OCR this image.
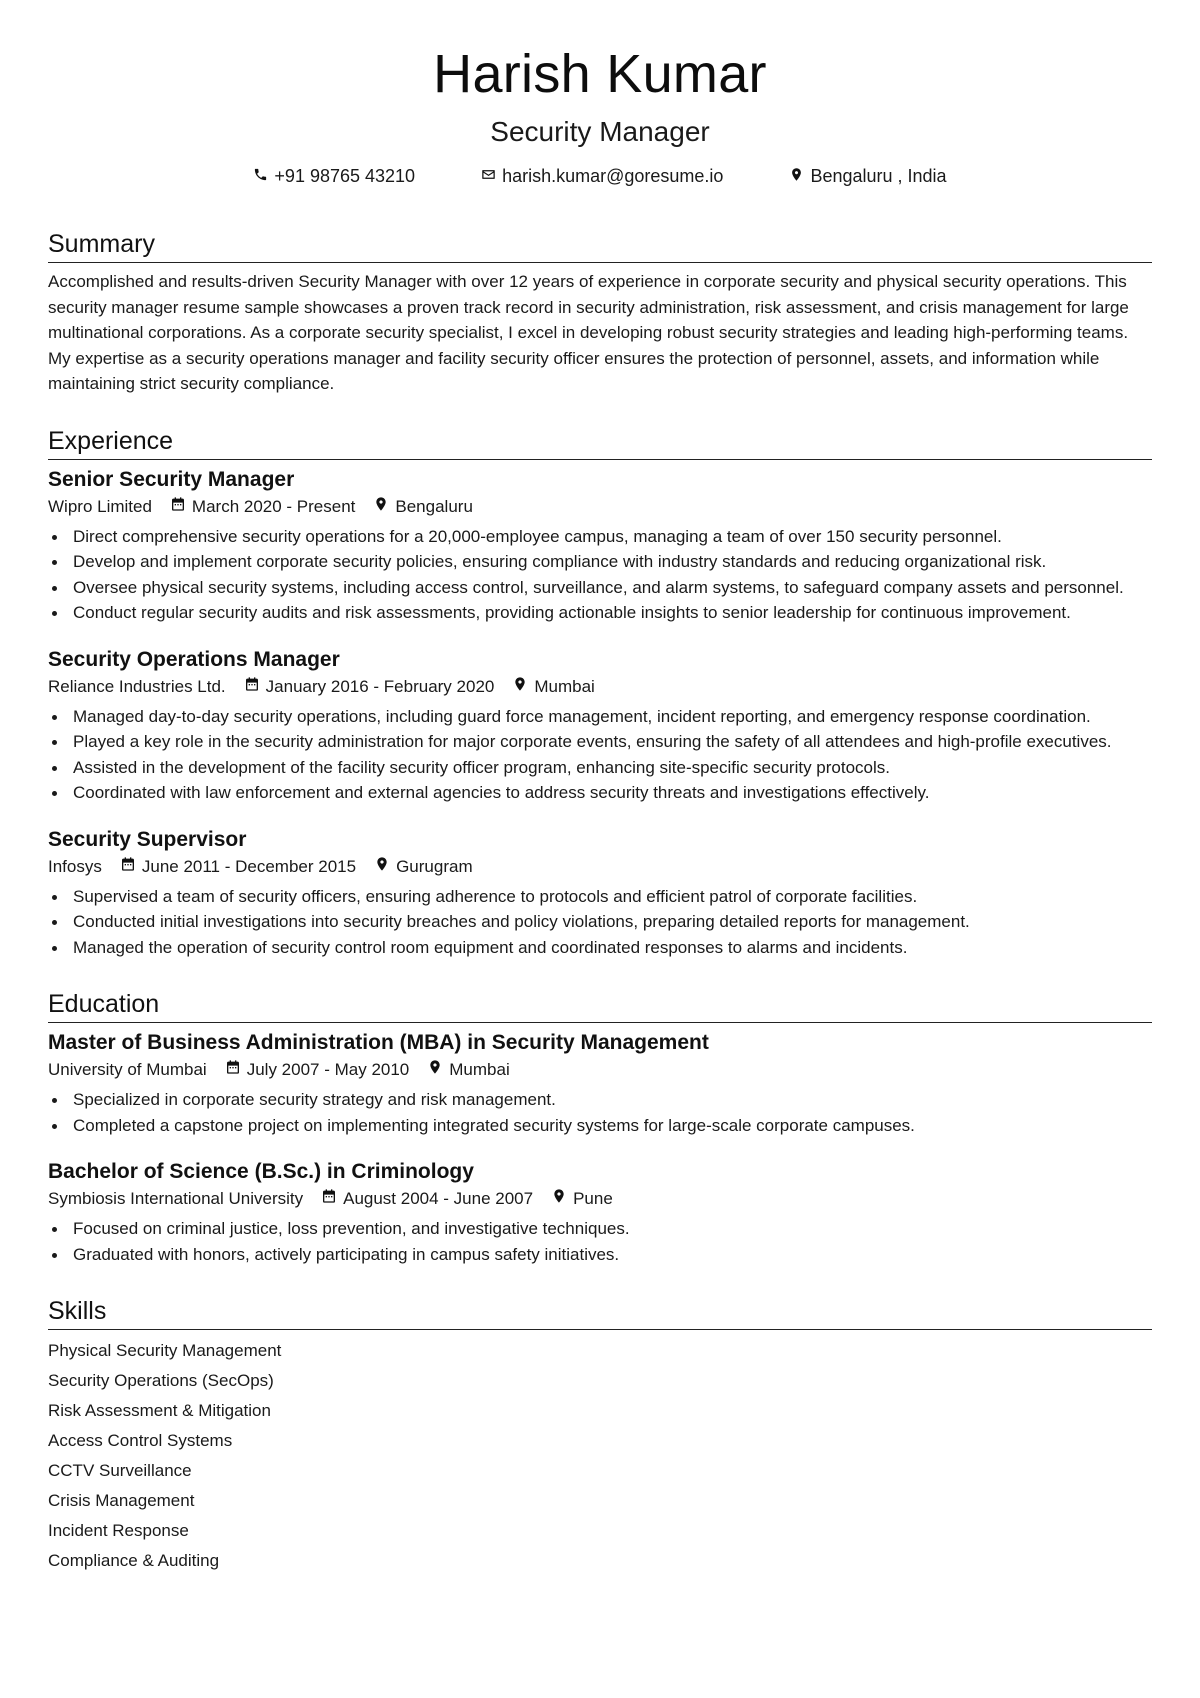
Harish Kumar
Security Manager
+91 98765 43210	harish.kumar@goresume.io	Bengaluru , India
Summary
Accomplished and results-driven Security Manager with over 12 years of experience in corporate security and physical security operations. This security manager resume sample showcases a proven track record in security administration, risk assessment, and crisis management for large multinational corporations. As a corporate security specialist, I excel in developing robust security strategies and leading high-performing teams. My expertise as a security operations manager and facility security officer ensures the protection of personnel, assets, and information while maintaining strict security compliance.
Experience
Senior Security Manager
Wipro Limited March 2020 - Present Bengaluru
Direct comprehensive security operations for a 20,000-employee campus, managing a team of over 150 security personnel.
Develop and implement corporate security policies, ensuring compliance with industry standards and reducing organizational risk.
Oversee physical security systems, including access control, surveillance, and alarm systems, to safeguard company assets and personnel.
Conduct regular security audits and risk assessments, providing actionable insights to senior leadership for continuous improvement.
Security Operations Manager
Reliance Industries Ltd. January 2016 - February 2020 Mumbai
Managed day-to-day security operations, including guard force management, incident reporting, and emergency response coordination.
Played a key role in the security administration for major corporate events, ensuring the safety of all attendees and high-profile executives.
Assisted in the development of the facility security officer program, enhancing site-specific security protocols.
Coordinated with law enforcement and external agencies to address security threats and investigations effectively.
Security Supervisor
Infosys June 2011 - December 2015 Gurugram
Supervised a team of security officers, ensuring adherence to protocols and efficient patrol of corporate facilities.
Conducted initial investigations into security breaches and policy violations, preparing detailed reports for management.
Managed the operation of security control room equipment and coordinated responses to alarms and incidents.
Education
Master of Business Administration (MBA) in Security Management
University of Mumbai July 2007 - May 2010 Mumbai
Specialized in corporate security strategy and risk management.
Completed a capstone project on implementing integrated security systems for large-scale corporate campuses.
Bachelor of Science (B.Sc.) in Criminology
Symbiosis International University August 2004 - June 2007 Pune
Focused on criminal justice, loss prevention, and investigative techniques.
Graduated with honors, actively participating in campus safety initiatives.
Skills
Physical Security Management
Security Operations (SecOps)
Risk Assessment & Mitigation
Access Control Systems
CCTV Surveillance
Crisis Management
Incident Response
Compliance & Auditing
